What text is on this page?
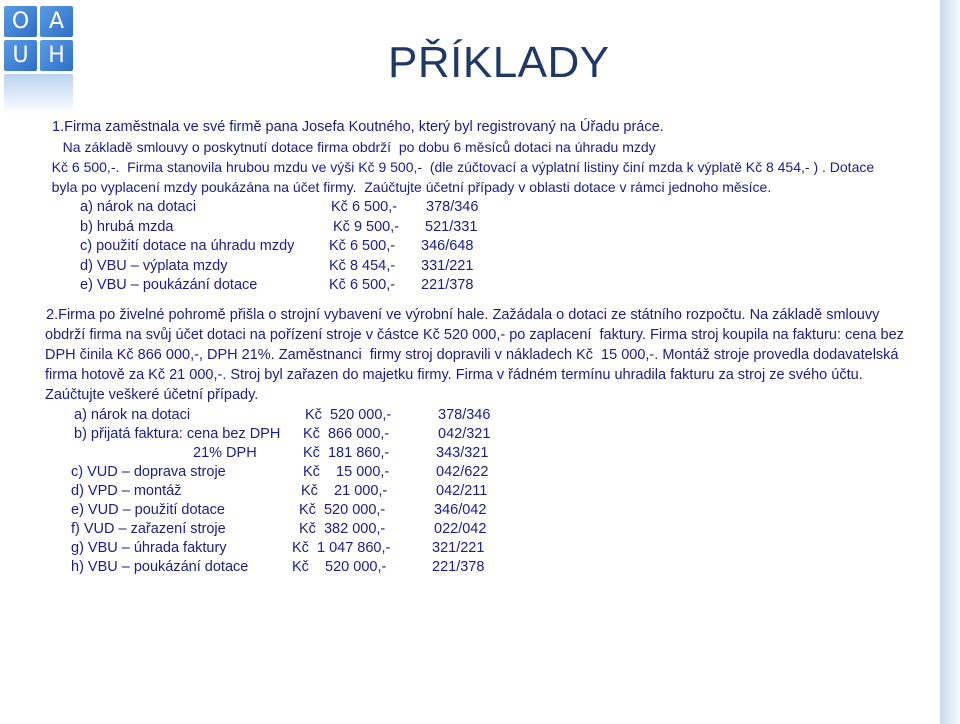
O A
U H	PŘÍKLADY
1.Firma zaměstnala ve své firmě pana Josefa Koutného, který byl registrovaný na Úřadu práce.
Na základě smlouvy o poskytnutí dotace firma obdrží  po dobu 6 měsíců dotaci na úhradu mzdy
Kč 6 500,-.  Firma stanovila hrubou mzdu ve výši Kč 9 500,-  (dle zúčtovací a výplatní listiny činí mzda k výplatě Kč 8 454,- ) . Dotace
byla po vyplacení mzdy poukázána na účet firmy.  Zaúčtujte účetní případy v oblasti dotace v rámci jednoho měsíce.
a) nárok na dotaci	Kč 6 500,- 378/346
b) hrubá mzda	Kč 9 500,- 521/331
c) použití dotace na úhradu mzdy Kč 6 500,- 346/648
d) VBU – výplata mzdy	Kč 8 454,- 331/221
e) VBU – poukázání dotace	Kč 6 500,- 221/378
2.Firma po živelné pohromě přišla o strojní vybavení ve výrobní hale. Zažádala o dotaci ze státního rozpočtu. Na základě smlouvy
obdrží firma na svůj účet dotaci na pořízení stroje v částce Kč 520 000,- po zaplacení  faktury. Firma stroj koupila na fakturu: cena bez
DPH činila Kč 866 000,-, DPH 21%. Zaměstnanci  firmy stroj dopravili v nákladech Kč  15 000,-. Montáž stroje provedla dodavatelská
firma hotově za Kč 21 000,-. Stroj byl zařazen do majetku firmy. Firma v řádném termínu uhradila fakturu za stroj ze svého účtu.
Zaúčtujte veškeré účetní případy.
a) nárok na dotaci	Kč  520 000,-	378/346
b) přijatá faktura: cena bez DPH Kč  866 000,-	042/321
21% DPH	Kč  181 860,-	343/321
c) VUD – doprava stroje	Kč    15 000,-	042/622
d) VPD – montáž	Kč    21 000,-	042/211
e) VUD – použití dotace	Kč  520 000,-	346/042
f) VUD – zařazení stroje	Kč  382 000,-	022/042
g) VBU – úhrada faktury	Kč  1 047 860,-	321/221
h) VBU – poukázání dotace	Kč    520 000,-	221/378
